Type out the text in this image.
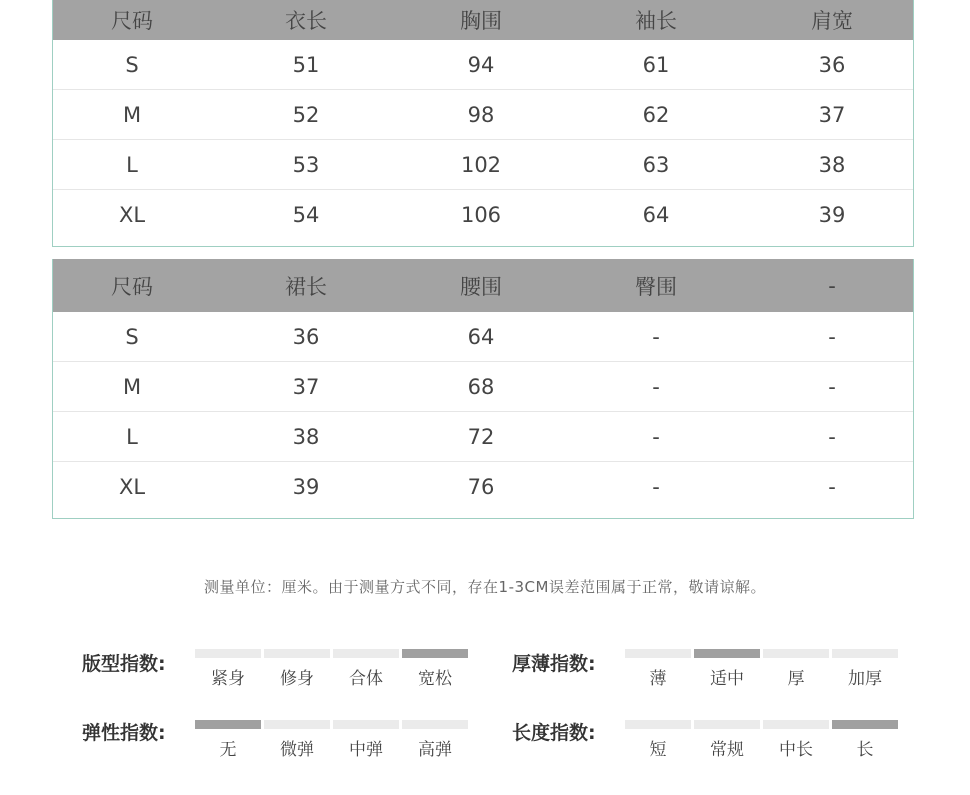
尺码	衣长	胸围	袖长	肩宽
S	51	94	61	36
M	52	98	62	37
L	53	102	63	38
XL	54	106	64	39
尺码	裙长	腰围	臀围	-
S	36	64	-	-
M	37	68	-	-
L	38	72	-	-
XL	39	76	-	-
测量单位：厘米。由于测量方式不同，存在1-3CM误差范围属于正常，敬请谅解。
版型指数:
紧身	修身	合体	宽松
厚薄指数:
薄	适中	厚	加厚
弹性指数:
无	微弹	中弹	高弹
长度指数:
短	常规	中长	长
